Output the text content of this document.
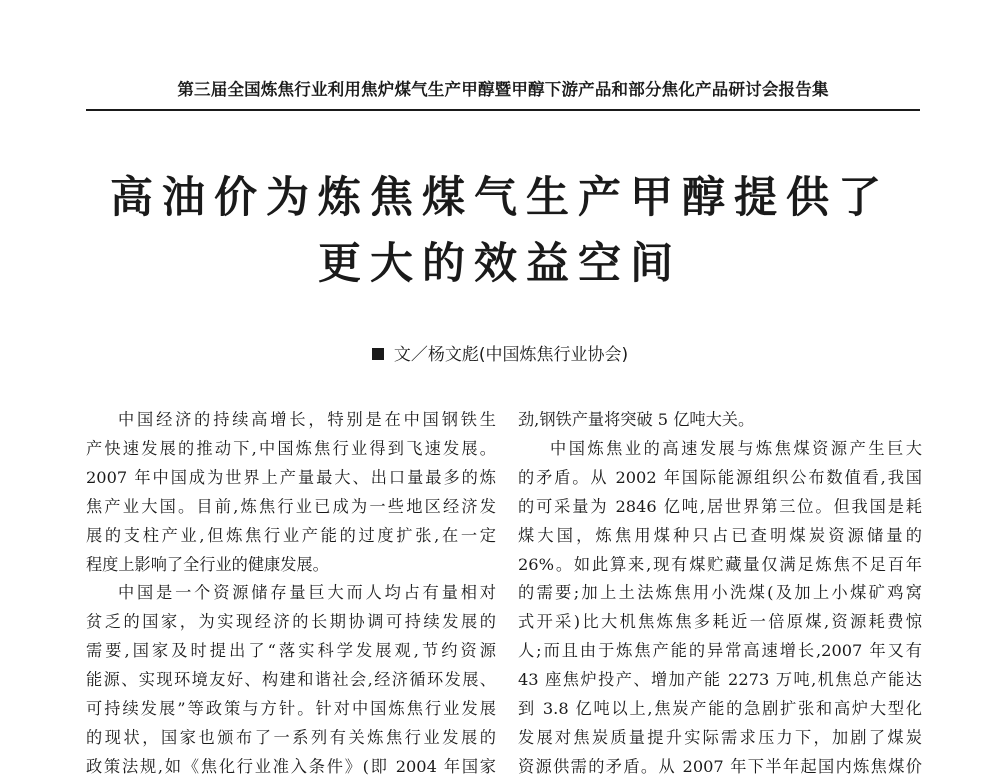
第三届全国炼焦行业利用焦炉煤气生产甲醇暨甲醇下游产品和部分焦化产品研讨会报告集
高油价为炼焦煤气生产甲醇提供了
更大的效益空间
文／杨文彪(中国炼焦行业协会)
中国经济的持续高增长，特别是在中国钢铁生
产快速发展的推动下,中国炼焦行业得到飞速发展。
2007 年中国成为世界上产量最大、出口量最多的炼
焦产业大国。目前,炼焦行业已成为一些地区经济发
展的支柱产业,但炼焦行业产能的过度扩张,在一定
程度上影响了全行业的健康发展。
中国是一个资源储存量巨大而人均占有量相对
贫乏的国家，为实现经济的长期协调可持续发展的
需要,国家及时提出了“落实科学发展观,节约资源
能源、实现环境友好、构建和谐社会,经济循环发展、
可持续发展”等政策与方针。针对中国炼焦行业发展
的现状，国家也颁布了一系列有关炼焦行业发展的
政策法规,如《焦化行业准入条件》(即 2004 年国家
劲,钢铁产量将突破 5 亿吨大关。
中国炼焦业的高速发展与炼焦煤资源产生巨大
的矛盾。从 2002 年国际能源组织公布数值看,我国
的可采量为 2846 亿吨,居世界第三位。但我国是耗
煤大国，炼焦用煤种只占已查明煤炭资源储量的
26%。如此算来,现有煤贮藏量仅满足炼焦不足百年
的需要;加上土法炼焦用小洗煤(及加上小煤矿鸡窝
式开采)比大机焦炼焦多耗近一倍原煤,资源耗费惊
人;而且由于炼焦产能的异常高速增长,2007 年又有
43 座焦炉投产、增加产能 2273 万吨,机焦总产能达
到 3.8 亿吨以上,焦炭产能的急剧扩张和高炉大型化
发展对焦炭质量提升实际需求压力下，加剧了煤炭
资源供需的矛盾。从 2007 年下半年起国内炼焦煤价
